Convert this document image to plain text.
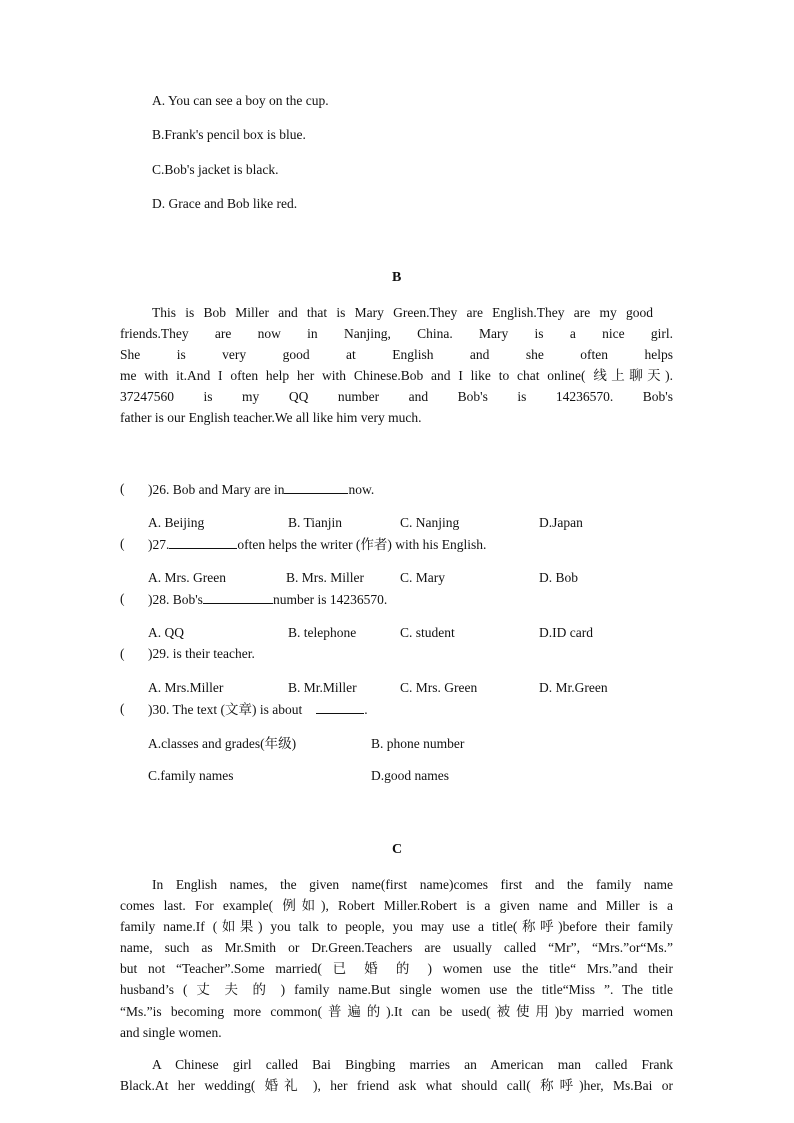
A. You can see a boy on the cup.
B.Frank's pencil box is blue.
C.Bob's jacket is black.
D. Grace and Bob like red.
B
This is Bob Miller and that is Mary Green.They are English.They are my good
friends.They are now in Nanjing, China. Mary is a nice girl.
She is very good at English and she often helps
me with it.And I often help her with Chinese.Bob and I like to chat online( 线上聊天).
37247560 is my QQ number and Bob's is 14236570. Bob's
father is our English teacher.We all like him very much.
( )26. Bob and Mary are in	now.
A. Beijing	B. Tianjin	C. Nanjing	D.Japan
( )27.	often helps the writer (作者) with his English.
A. Mrs. Green	B. Mrs. Miller	C. Mary	D. Bob
( )28. Bob's	number is 14236570.
A. QQ	B. telephone	C. student	D.ID card
( )29. is their teacher.
A. Mrs.Miller	B. Mr.Miller	C. Mrs. Green	D. Mr.Green
( )30. The text (文章) is about	.
A.classes and grades(年级)	B. phone number
C.family names	D.good names
C
In English names, the given name(first name)comes first and the family name
comes last. For example( 例如), Robert Miller.Robert is a given name and Miller is a
family name.If (如果) you talk to people, you may use a title(称呼)before their family
name, such as Mr.Smith or Dr.Green.Teachers are usually called “Mr”, “Mrs.”or“Ms.”
but not “Teacher”.Some married( 已 婚 的 ) women use the title“ Mrs.”and their
husband’s ( 丈 夫 的 ) family name.But single women use the title“Miss ”. The title
“Ms.”is becoming more common(普遍的).It can be used(被使用)by married women
and single women.
A Chinese girl called Bai Bingbing marries an American man called Frank
Black.At her wedding( 婚礼 ), her friend ask what should call( 称呼)her, Ms.Bai or
